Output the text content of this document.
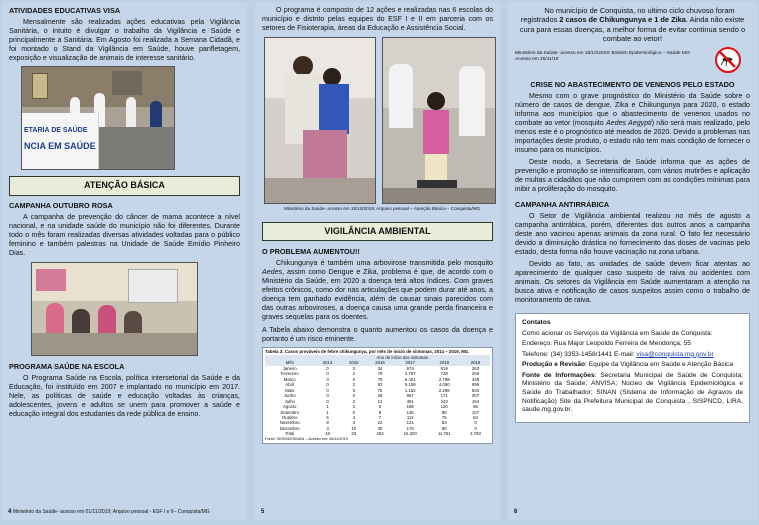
ATIVIDADES EDUCATIVAS VISA

Mensalmente são realizadas ações educativas pela Vigilância Sanitária, o intuito é divulgar o trabalho da Vigilância e Saúde e principalmente a Sanitária. Em Agosto foi realizada a Semana Cidadã, e foi montado o Stand da Vigilância em Saúde, houve panfletagem, exposição e visualização de animais de interesse sanitário.

ETARIA DE SAÚDE
NCIA EM SAÚDE
ATENÇÃO BÁSICA
CAMPANHA OUTUBRO ROSA

A campanha de prevenção do câncer de mama acontece a nível nacional, e na unidade saúde do município não foi diferentes. Durante todo o mês foram realizadas diversas atividades voltadas para o público feminino e também palestras na Unidade de Saúde Emídio Pinheiro Dias.

PROGRAMA SAÚDE NA ESCOLA

O Programa Saúde na Escola, política intersetorial da Saúde e da Educação, foi instituído em 2007 e implantado no município em 2017. Nele, as políticas de saúde e educação voltadas às crianças, adolescentes, jovens e adultos se unem para promover a saúde e educação integral dos estudantes da rede pública de ensino.

4 Ministério da Saúde- acesso em 01/11/2019; Arquivo pessoal - ESF I e II– Conquista/MG

O programa é composto de 12 ações e realizadas nas 6 escolas do município e distrito pelas equipes do ESF I e II em parceria com os setores de Fisioterapia, áreas da Educação e Assistência Social.

Ministério da Saúde- acesso em 15/10/2019; Arquivo pessoal – Atenção Básica – Conquista/MG
VIGILÂNCIA AMBIENTAL
O PROBLEMA AUMENTOU!!

Chikungunya é também uma arbovirose transmitida pelo mosquito Aedes, assim como Dengue e Zika, problema é que, de acordo com o Ministério da Saúde, em 2020 a doença terá altos índices. Com graves efeitos crônicos, como dor nas articulações que podem durar até anos, a doença tem ganhado evidência, além de causar sinais parecidos com das outras arboviroses, a doença causa uma grande perda financeira e graves sequelas para os doentes.

A Tabela abaixo demonstra o quanto aumentou os casos da doença e portanto é um risco eminente.

Tabela 3: Casos prováveis de febre chikungunya, por mês de início de sintomas, 2014 – 2019, MG.
	Ano de início dos sintomas					
Mês	2014	2015	2016	2017	2018	2019
Janeiro	0	3	34	674	819	263
Fevereiro	0	2	78	2.757	728	269
Março	0	0	78	6.401	2.798	335
Abril	0	2	93	5.159	4.050	999
Maio	0	5	75	1.152	2.296	633
Junho	0	0	28	967	171	307
Julho	0	2	12	491	243	154
Agosto	1	3	5	188	120	86
Setembro	1	0	9	135	88	107
Outubro	5	4	7	112	75	64
Novembro	8	3	22	121	83	0
Dezembro	3	10	40	175	80	0
Total	18	33	453	16.320	11.761	2.793
Fonte: SES/MG/SINAN – Acesso em: 06/11/2019
5

No município de Conquista, no ultimo ciclo chuvoso foram registrados 2 casos de Chikungunya e 1 de Zika. Ainda não existe cura para essas doenças, a melhor forma de evitar continua sendo o combate ao vetor!

Ministério da Saúde- acesso em 18/10/2019; Boletim Epidemiológico – Saúde MG- Acesso em 25/11/19
CRISE NO ABASTECIMENTO DE VENENOS PELO ESTADO

Mesmo com o grave prognóstico do Ministério da Saúde sobre o número de casos de dengue, Zika e Chikungunya para 2020, o estado informa aos municípios que o abastecimento de venenos usados no combate ao vetor (mosquito Aedes Aegypti) não será mais realizado, pelo menos este é o prognóstico até meados de 2020. Devido a problemas nas importações deste produto, o estado não tem mais condição de fornecer o insumo para os municípios.

Deste modo, a Secretaria de Saúde informa que as ações de prevenção e promoção se intensificaram, com vários mutirões e aplicação de multas a cidadãos que não cumprirem com as condições mínimas para inibir a proliferação do mosquito.

CAMPANHA ANTIRRÁBICA

O Setor de Vigilância ambiental realizou no mês de agosto a campanha antirrábica, porém, diferentes dos outros anos a campanha deste ano vacinou apenas animais da zona rural. O fato fez necessário devido a diminuição drástica no fornecimento das doses de vacinas pelo estado, desta forma não houve vacinação na zona urbana.

Devido ao fato, as unidades de saúde devem ficar atentas ao aparecimento de qualquer caso suspeito de raiva ou acidentes com animais. Os setores da Vigilância em Saúde aumentaram a atenção na busca ativa e notificação de casos suspeitos assim como o trabalho de monitoramento de raiva.

Contatos

Como acionar os Serviços da Vigilância em Saúde de Conquista:

Endereço: Rua Major Leopoldo Ferreira de Mendonça, 55

Telefone: (34) 3353-1458/1441 E-mail: visa@conquista.mg.gov.br

Produção e Revisão: Equipe da Vigilância em Saúde e Atenção Básica

Fonte de Informações: Secretaria Municipal de Saúde de Conquista; Ministério da Saúde; ANVISA; Núcleo de Vigilância Epidemiológica e Saúde do Trabalhador; SINAN (Sistema de Informação de Agravos de Notificação) Site da Prefeitura Municipal de Conquista , SISPNCD, LIRA, saude.mg.gov.br.

6
